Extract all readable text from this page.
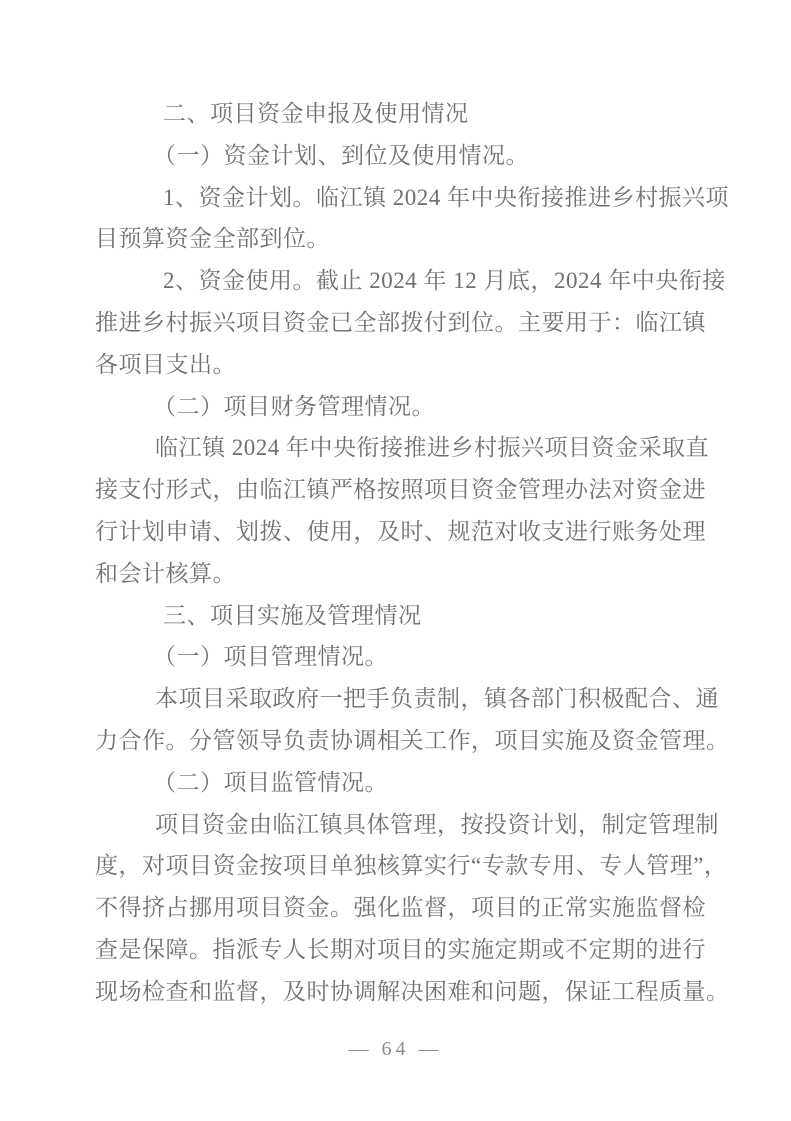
二、项目资金申报及使用情况
（一）资金计划、到位及使用情况。
1、资金计划。临江镇 2024 年中央衔接推进乡村振兴项
目预算资金全部到位。
2、资金使用。截止 2024 年 12 月底，2024 年中央衔接
推进乡村振兴项目资金已全部拨付到位。主要用于：临江镇
各项目支出。
（二）项目财务管理情况。
临江镇 2024 年中央衔接推进乡村振兴项目资金采取直
接支付形式，由临江镇严格按照项目资金管理办法对资金进
行计划申请、划拨、使用，及时、规范对收支进行账务处理
和会计核算。
三、项目实施及管理情况
（一）项目管理情况。
本项目采取政府一把手负责制，镇各部门积极配合、通
力合作。分管领导负责协调相关工作，项目实施及资金管理。
（二）项目监管情况。
项目资金由临江镇具体管理，按投资计划，制定管理制
度，对项目资金按项目单独核算实行“专款专用、专人管理”，
不得挤占挪用项目资金。强化监督，项目的正常实施监督检
查是保障。指派专人长期对项目的实施定期或不定期的进行
现场检查和监督，及时协调解决困难和问题，保证工程质量。
— 64 —
